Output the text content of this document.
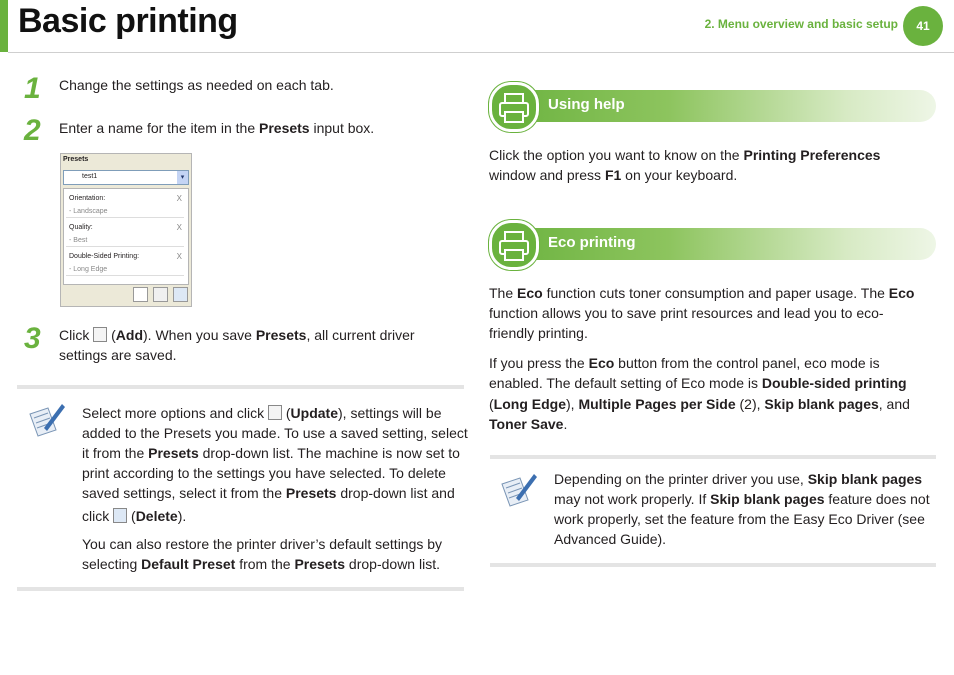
Basic printing	2. Menu overview and basic setup	41
1 Change the settings as needed on each tab.
2 Enter a name for the item in the Presets input box.
Presets
test1	▾
Orientation:
- Landscape
X
Quality:
- Best
X
Double-Sided Printing:
- Long Edge
X
3 Click  (Add). When you save Presets, all current driver
settings are saved.
Select more options and click  (Update), settings will be
added to the Presets you made. To use a saved setting, select
it from the Presets drop-down list. The machine is now set to
print according to the settings you have selected. To delete
saved settings, select it from the Presets drop-down list and
click  (Delete).
You can also restore the printer driver’s default settings by
selecting Default Preset from the Presets drop-down list.
Using help
Click the option you want to know on the Printing Preferences
window and press F1 on your keyboard.
Eco printing
The Eco function cuts toner consumption and paper usage. The Eco
function allows you to save print resources and lead you to eco-
friendly printing.
If you press the Eco button from the control panel, eco mode is
enabled. The default setting of Eco mode is Double-sided printing
(Long Edge), Multiple Pages per Side (2), Skip blank pages, and
Toner Save.
Depending on the printer driver you use, Skip blank pages
may not work properly. If Skip blank pages feature does not
work properly, set the feature from the Easy Eco Driver (see
Advanced Guide).
